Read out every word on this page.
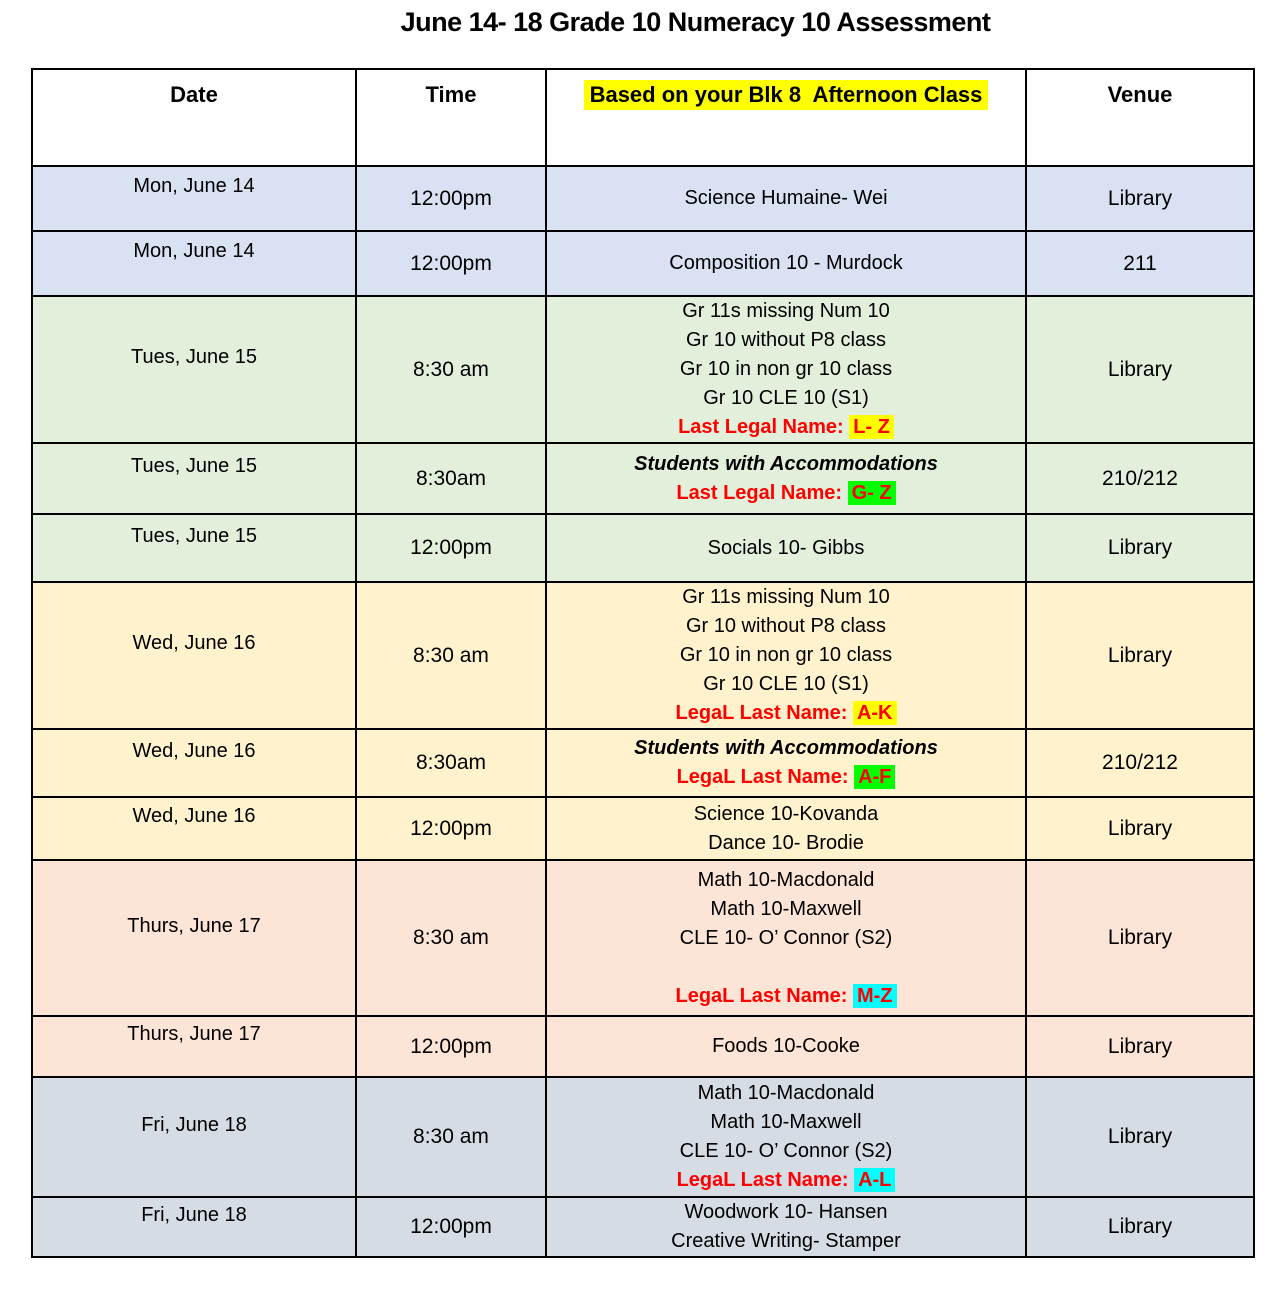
June 14- 18 Grade 10 Numeracy 10 Assessment
Date	Time	Based on your Blk 8  Afternoon Class	Venue
Mon, June 14	12:00pm	Science Humaine- Wei	Library
Mon, June 14	12:00pm	Composition 10 - Murdock	211
Tues, June 15	8:30 am	Gr 11s missing Num 10
Gr 10 without P8 class
Gr 10 in non gr 10 class
Gr 10 CLE 10 (S1)
Last Legal Name: L- Z	Library
Tues, June 15	8:30am	Students with Accommodations
Last Legal Name: G- Z	210/212
Tues, June 15	12:00pm	Socials 10- Gibbs	Library
Wed, June 16	8:30 am	Gr 11s missing Num 10
Gr 10 without P8 class
Gr 10 in non gr 10 class
Gr 10 CLE 10 (S1)
LegaL Last Name: A-K	Library
Wed, June 16	8:30am	Students with Accommodations
LegaL Last Name: A-F	210/212
Wed, June 16	12:00pm	Science 10-Kovanda
Dance 10- Brodie	Library
Thurs, June 17	8:30 am	Math 10-Macdonald
Math 10-Maxwell
CLE 10- O’ Connor (S2)
LegaL Last Name: M-Z	Library
Thurs, June 17	12:00pm	Foods 10-Cooke	Library
Fri, June 18	8:30 am	Math 10-Macdonald
Math 10-Maxwell
CLE 10- O’ Connor (S2)
LegaL Last Name: A-L	Library
Fri, June 18	12:00pm	Woodwork 10- Hansen
Creative Writing- Stamper	Library
